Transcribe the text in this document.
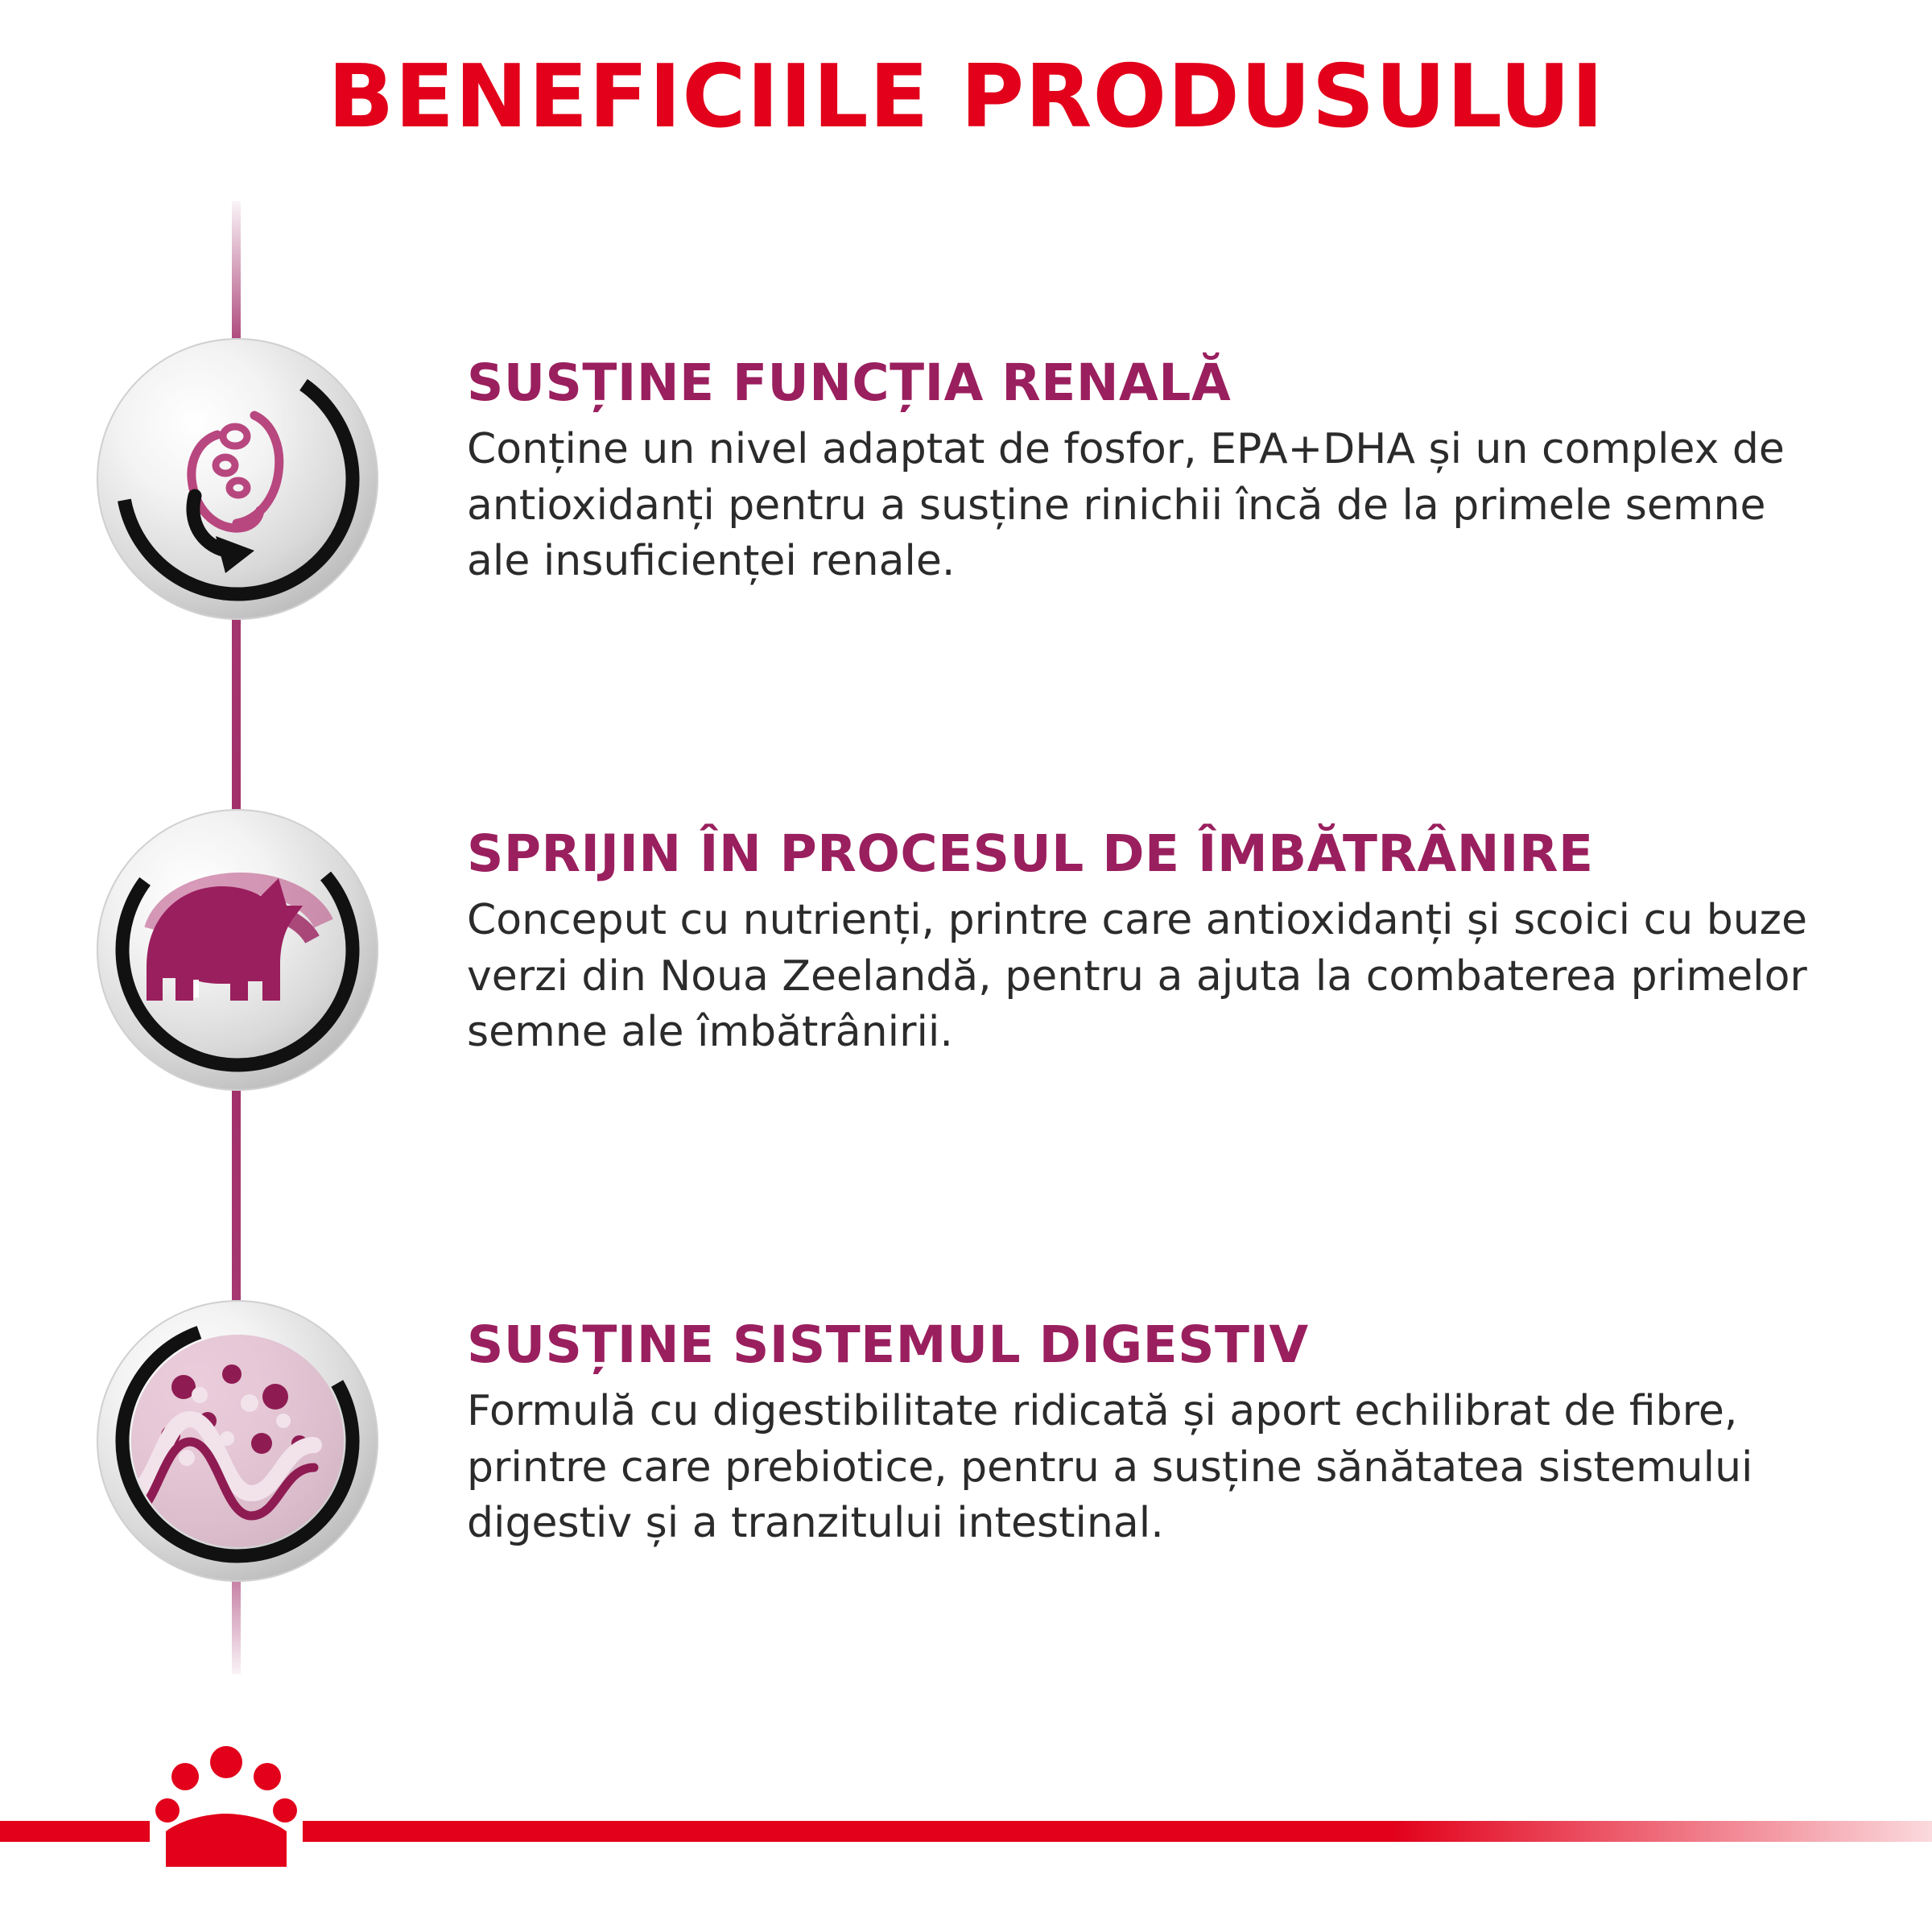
BENEFICIILE PRODUSULUI

SUSȚINE FUNCȚIA RENALĂ

Conține un nivel adaptat de fosfor, EPA+DHA și un complex de antioxidanți pentru a susține rinichii încă de la primele semne ale insuficienței renale.

SPRIJIN ÎN PROCESUL DE ÎMBĂTRÂNIRE

Conceput cu nutrienți, printre care antioxidanți și scoici cu buze verzi din Noua Zeelandă, pentru a ajuta la combaterea primelor semne ale îmbătrânirii.

SUSȚINE SISTEMUL DIGESTIV

Formulă cu digestibilitate ridicată și aport echilibrat de fibre, printre care prebiotice, pentru a susține sănătatea sistemului digestiv și a tranzitului intestinal.
